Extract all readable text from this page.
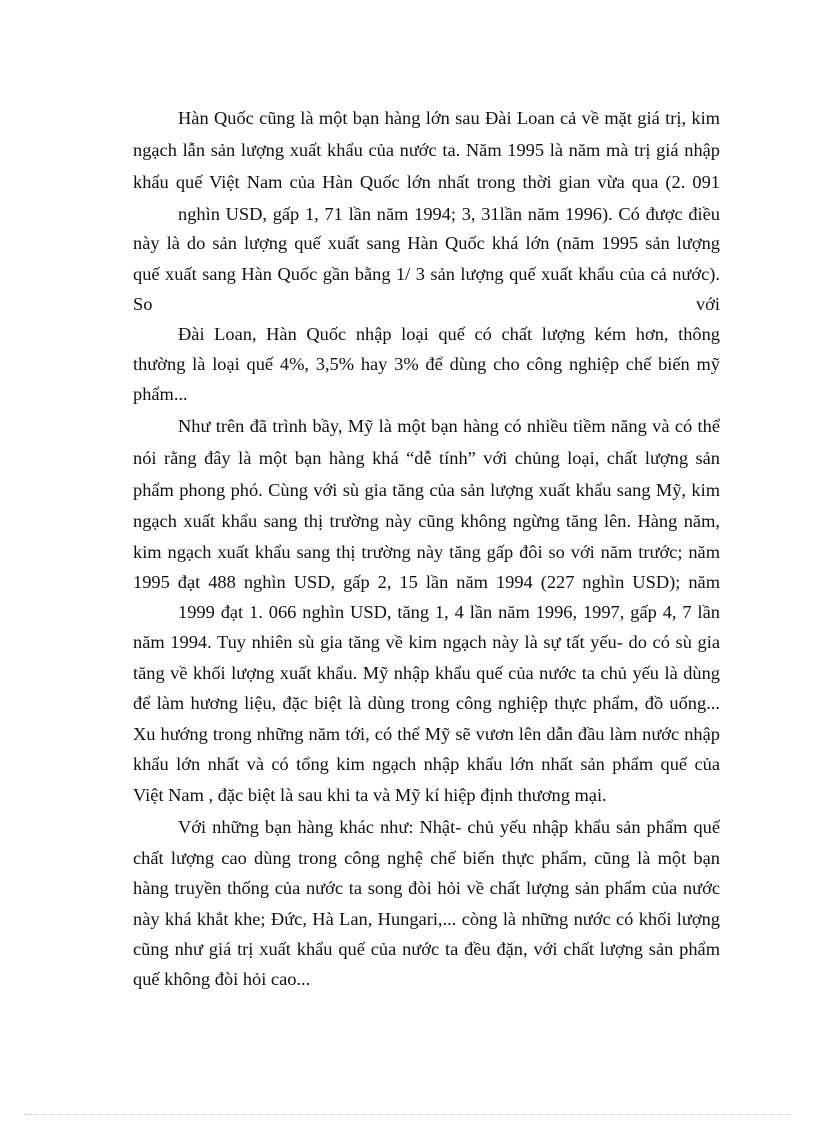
Hàn Quốc cũng là một bạn hàng lớn sau Đài Loan cả về mặt giá trị, kim
ngạch lẫn sản lượng xuất khẩu của nước ta. Năm 1995 là năm mà trị giá nhập
khẩu quế Việt Nam của Hàn Quốc lớn nhất trong thời gian vừa qua (2. 091
nghìn USD, gấp 1, 71 lần năm 1994; 3, 31lần năm 1996). Có được điều
này là do sản lượng quế xuất sang Hàn Quốc khá lớn (năm 1995 sản lượng
quế xuất sang Hàn Quốc gần bằng 1/ 3 sản lượng quế xuất khẩu của cả nước).
So với
Đài Loan, Hàn Quốc nhập loại quế có chất lượng kém hơn, thông
thường là loại quế 4%, 3,5% hay 3% để dùng cho công nghiệp chế biến mỹ
phẩm...
Như trên đã trình bầy, Mỹ là một bạn hàng có nhiều tiềm năng và có thể
nói rằng đây là một bạn hàng khá “dễ tính” với chủng loại, chất lượng sản
phẩm phong phó. Cùng với sù gia tăng của sản lượng xuất khẩu sang Mỹ, kim
ngạch xuất khẩu sang thị trường này cũng không ngừng tăng lên. Hàng năm,
kim ngạch xuất khẩu sang thị trường này tăng gấp đôi so với năm trước; năm
1995 đạt 488 nghìn USD, gấp 2, 15 lần năm 1994 (227 nghìn USD); năm
1999 đạt 1. 066 nghìn USD, tăng 1, 4 lần năm 1996, 1997, gấp 4, 7 lần
năm 1994. Tuy nhiên sù gia tăng về kim ngạch này là sự tất yếu- do có sù gia
tăng về khối lượng xuất khẩu. Mỹ nhập khẩu quế của nước ta chủ yếu là dùng
để làm hương liệu, đặc biệt là dùng trong công nghiệp thực phẩm, đồ uống...
Xu hướng trong những năm tới, có thể Mỹ sẽ vươn lên dẫn đầu làm nước nhập
khẩu lớn nhất và có tổng kim ngạch nhập khẩu lớn nhất sản phẩm quế của
Việt Nam , đặc biệt là sau khi ta và Mỹ kí hiệp định thương mại.
Với những bạn hàng khác như: Nhật- chủ yếu nhập khẩu sản phẩm quế
chất lượng cao dùng trong công nghệ chế biến thực phẩm, cũng là một bạn
hàng truyền thống của nước ta song đòi hỏi về chất lượng sản phẩm của nước
này khá khắt khe; Đức, Hà Lan, Hungari,... còng là những nước có khối lượng
cũng như giá trị xuất khẩu quế của nước ta đều đặn, với chất lượng sản phẩm
quế không đòi hỏi cao...
